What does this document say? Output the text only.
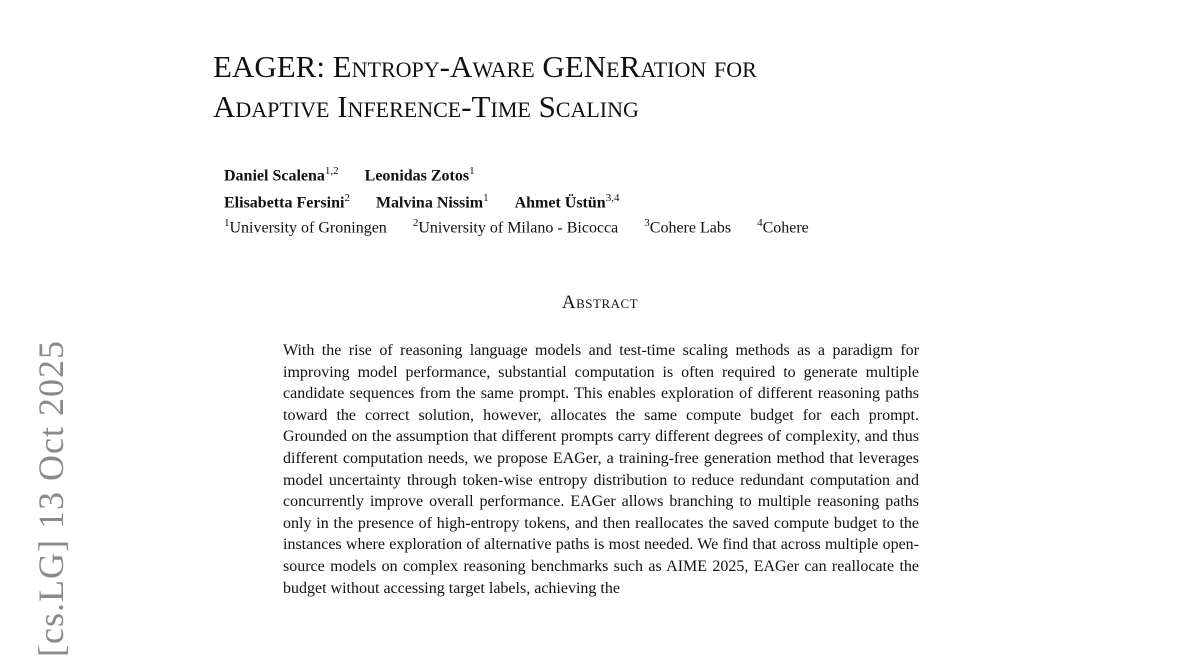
[cs.LG] 13 Oct 2025
EAGER: Entropy-Aware GENeRation for
Adaptive Inference-Time Scaling
Daniel Scalena$^{1,2}$ Leonidas Zotos$^1$
Elisabetta Fersini$^2$ Malvina Nissim$^1$ Ahmet Üstün$^{3,4}$
$^1$University of Groningen $^2$University of Milano - Bicocca $^3$Cohere Labs $^4$Cohere
Abstract
With the rise of reasoning language models and test-time scaling methods as a paradigm for improving model performance, substantial computation is often required to generate multiple candidate sequences from the same prompt. This enables exploration of different reasoning paths toward the correct solution, however, allocates the same compute budget for each prompt. Grounded on the assumption that different prompts carry different degrees of complexity, and thus different computation needs, we propose EAGer, a training-free generation method that leverages model uncertainty through token-wise entropy distribution to reduce redundant computation and concurrently improve overall performance. EAGer allows branching to multiple reasoning paths only in the presence of high-entropy tokens, and then reallocates the saved compute budget to the instances where exploration of alternative paths is most needed. We find that across multiple open-source models on complex reasoning benchmarks such as AIME 2025, EAGer can reallocate the budget without accessing target labels, achieving the
